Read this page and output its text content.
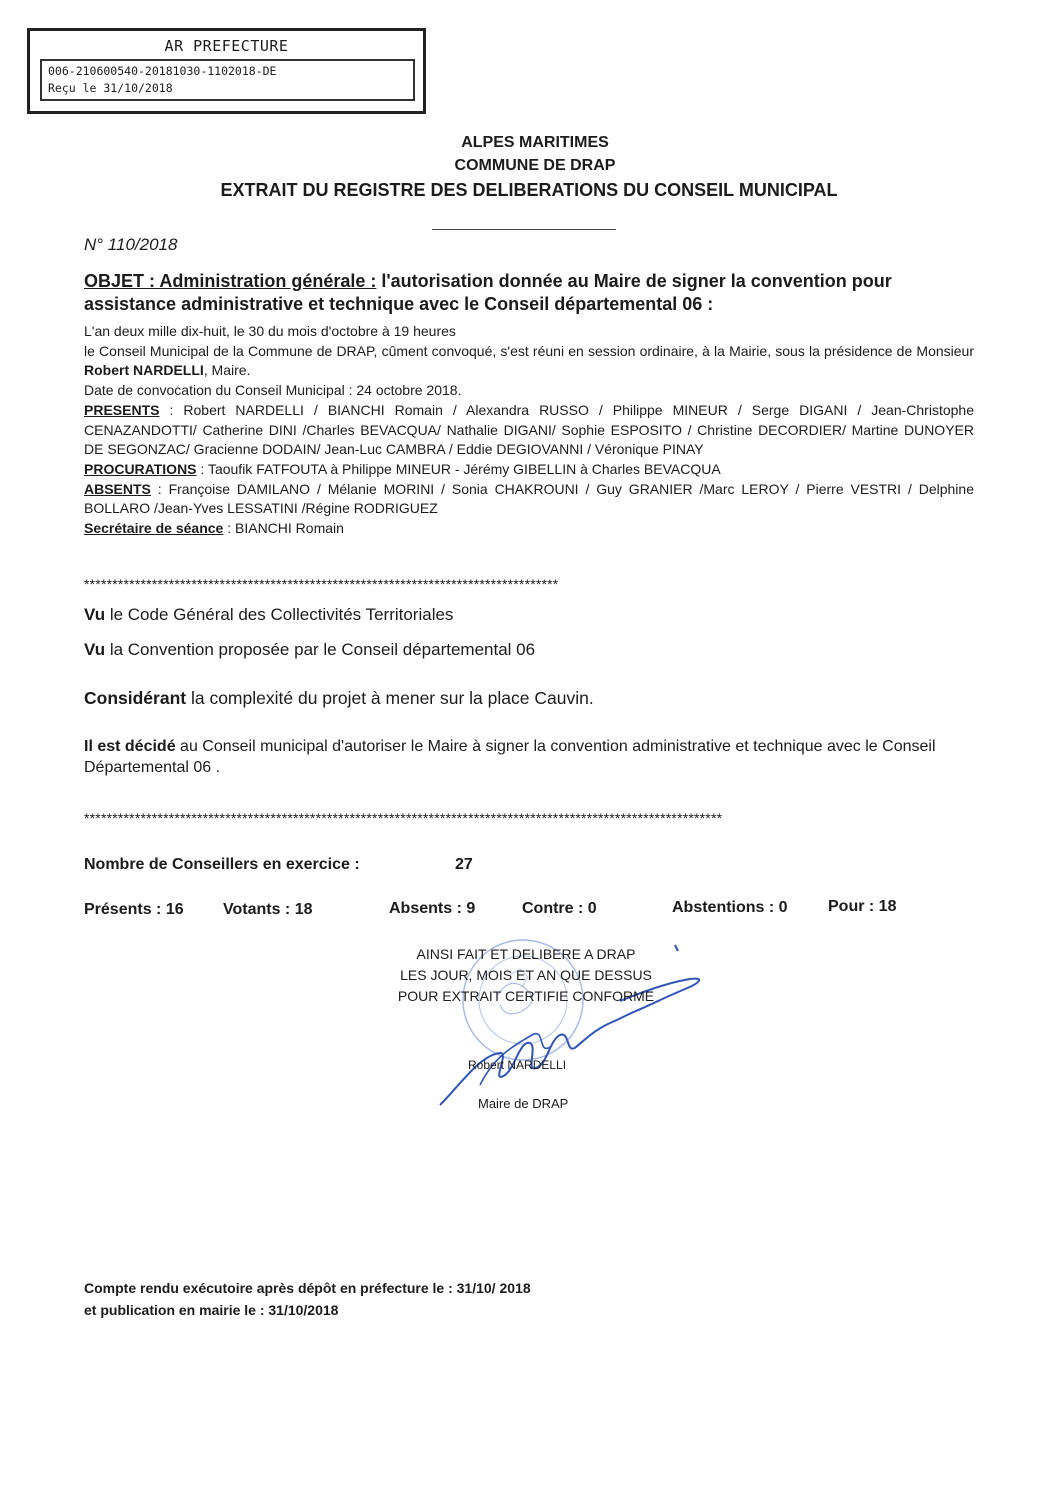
AR PREFECTURE
006-210600540-20181030-1102018-DE
Reçu le 31/10/2018
ALPES MARITIMES
COMMUNE DE DRAP
EXTRAIT DU REGISTRE DES DELIBERATIONS DU CONSEIL MUNICIPAL
N° 110/2018
OBJET : Administration générale : l'autorisation donnée au Maire de signer la convention pour assistance administrative et technique avec le Conseil départemental 06 :

L'an deux mille dix-huit, le 30 du mois d'octobre à 19 heures

le Conseil Municipal de la Commune de DRAP, cûment convoqué, s'est réuni en session ordinaire, à la Mairie, sous la présidence de Monsieur Robert NARDELLI, Maire.

Date de convocation du Conseil Municipal : 24 octobre 2018.

PRESENTS : Robert NARDELLI / BIANCHI Romain / Alexandra RUSSO / Philippe MINEUR / Serge DIGANI / Jean-Christophe CENAZANDOTTI/ Catherine DINI /Charles BEVACQUA/ Nathalie DIGANI/ Sophie ESPOSITO / Christine DECORDIER/ Martine DUNOYER DE SEGONZAC/ Gracienne DODAIN/ Jean-Luc CAMBRA / Eddie DEGIOVANNI / Véronique PINAY

PROCURATIONS : Taoufik FATFOUTA à Philippe MINEUR - Jérémy GIBELLIN à Charles BEVACQUA

ABSENTS : Françoise DAMILANO / Mélanie MORINI / Sonia CHAKROUNI / Guy GRANIER /Marc LEROY / Pierre VESTRI / Delphine BOLLARO /Jean-Yves LESSATINI /Régine RODRIGUEZ

Secrétaire de séance : BIANCHI Romain

************************************************************************************
Vu le Code Général des Collectivités Territoriales
Vu la Convention proposée par le Conseil départemental 06
Considérant la complexité du projet à mener sur la place Cauvin.
Il est décidé au Conseil municipal d'autoriser le Maire à signer la convention administrative et technique avec le Conseil Départemental 06 .
*****************************************************************************************************************
Nombre de Conseillers en exercice :	27
Présents : 16 Votants : 18	Absents : 9	Contre : 0	Abstentions : 0	Pour : 18
AINSI FAIT ET DELIBERE A DRAP
LES JOUR, MOIS ET AN QUE DESSUS
POUR EXTRAIT CERTIFIE CONFORME
Robert NARDELLI
Maire de DRAP
Compte rendu exécutoire après dépôt en préfecture le : 31/10/ 2018
et publication en mairie le : 31/10/2018
